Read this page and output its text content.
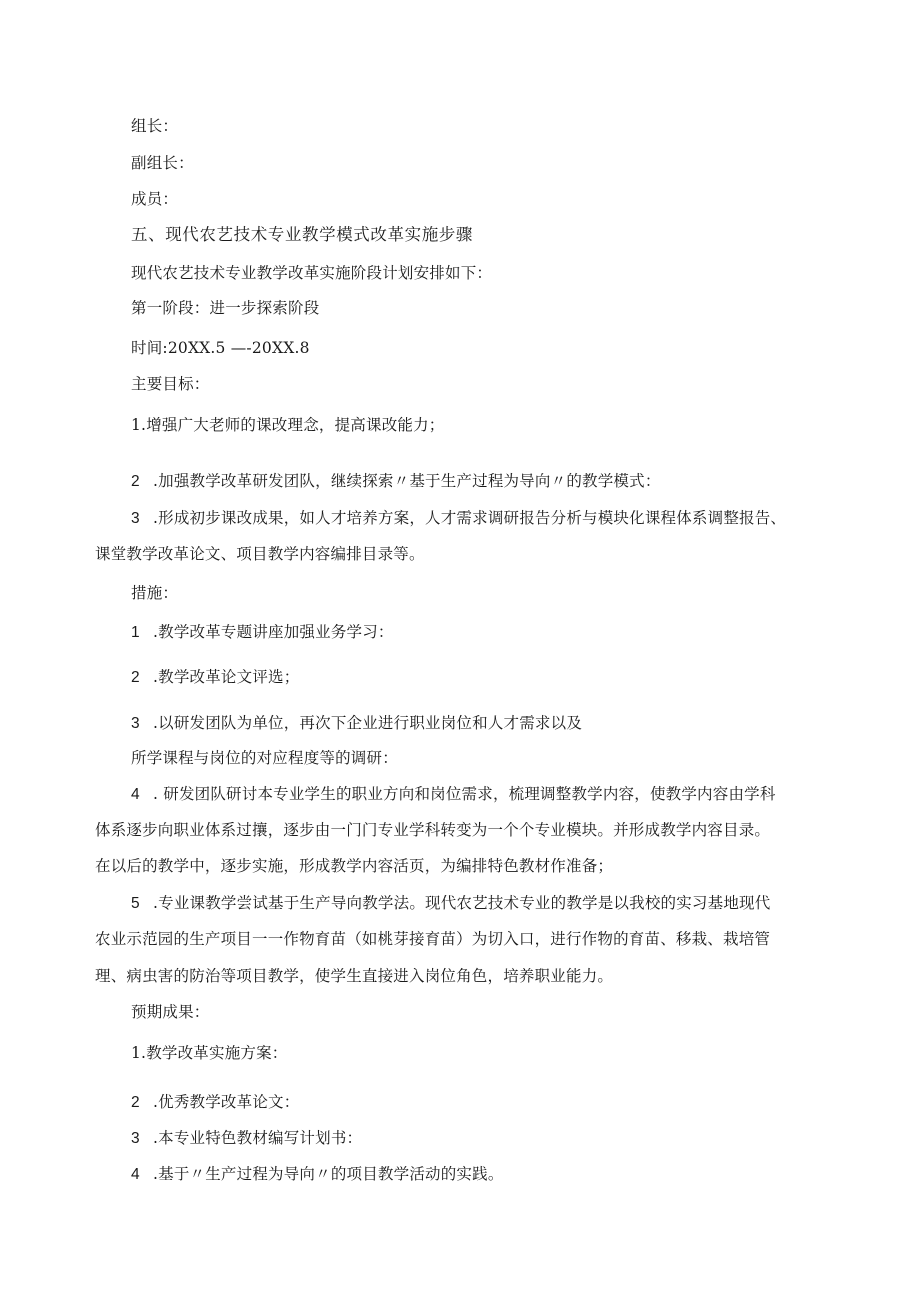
组长：
副组长：
成员：
五、现代农艺技术专业教学模式改革实施步骤
现代农艺技术专业教学改革实施阶段计划安排如下：
第一阶段：进一步探索阶段
时间:20XX.5 —-20XX.8
主要目标：
1.增强广大老师的课改理念，提高课改能力；
2 .加强教学改革研发团队，继续探索〃基于生产过程为导向〃的教学模式：
3 .形成初步课改成果，如人才培养方案，人才需求调研报告分析与模块化课程体系调整报告、
课堂教学改革论文、项目教学内容编排目录等。
措施：
1 .教学改革专题讲座加强业务学习：
2 .教学改革论文评选；
3 .以研发团队为单位，再次下企业进行职业岗位和人才需求以及
所学课程与岗位的对应程度等的调研：
4 . 研发团队研讨本专业学生的职业方向和岗位需求，梳理调整教学内容，使教学内容由学科
体系逐步向职业体系过攘，逐步由一门门专业学科转变为一个个专业模块。并形成教学内容目录。
在以后的教学中，逐步实施，形成教学内容活页，为编排特色教材作准备；
5 .专业课教学尝试基于生产导向教学法。现代农艺技术专业的教学是以我校的实习基地现代
农业示范园的生产项目一一作物育苗（如桃芽接育苗）为切入口，进行作物的育苗、移栽、栽培管
理、病虫害的防治等项目教学，使学生直接进入岗位角色，培养职业能力。
预期成果：
1.教学改革实施方案：
2 .优秀教学改革论文：
3 .本专业特色教材编写计划书：
4 .基于〃生产过程为导向〃的项目教学活动的实践。
